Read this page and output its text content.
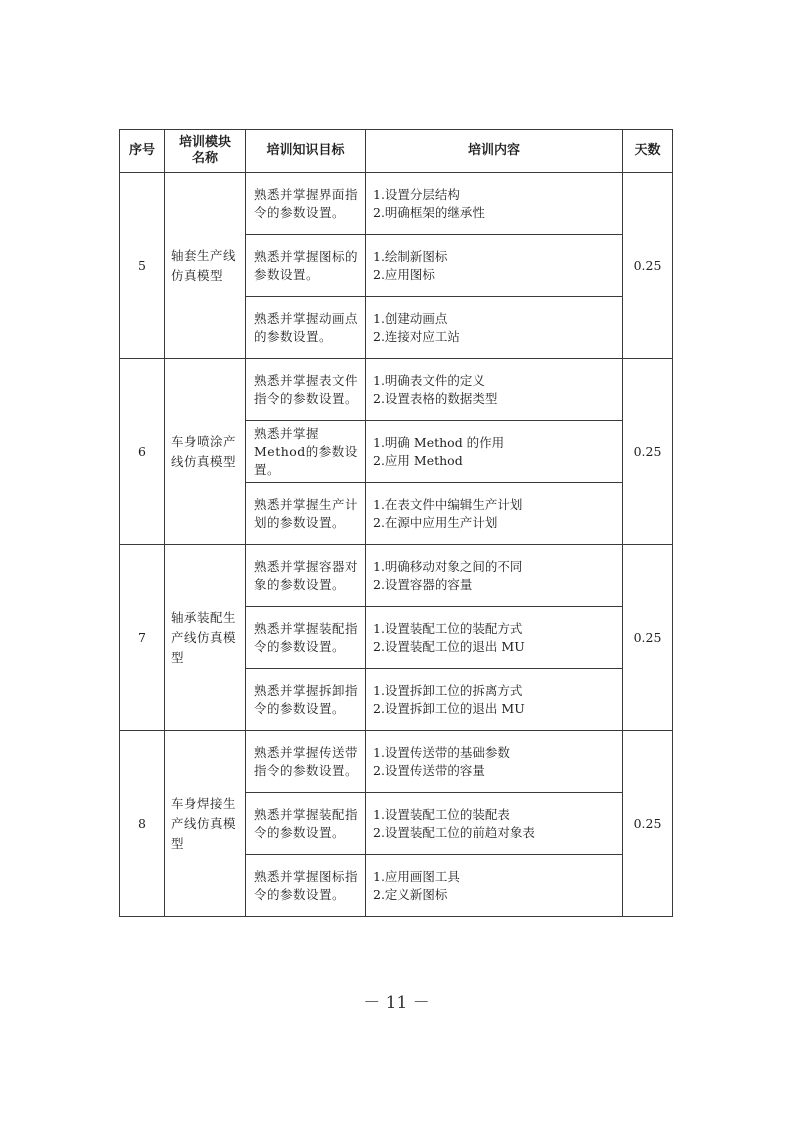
序号	培训模块
名称	培训知识目标	培训内容	天数
5	轴套生产线仿真模型	熟悉并掌握界面指令的参数设置。	1.设置分层结构
2.明确框架的继承性	0.25

		熟悉并掌握图标的参数设置。	1.绘制新图标
2.应用图标	

		熟悉并掌握动画点的参数设置。	1.创建动画点
2.连接对应工站	

6	车身喷涂产线仿真模型	熟悉并掌握表文件指令的参数设置。	1.明确表文件的定义
2.设置表格的数据类型	0.25

		熟悉并掌握Method的参数设置。	1.明确 Method 的作用
2.应用 Method	

		熟悉并掌握生产计划的参数设置。	1.在表文件中编辑生产计划
2.在源中应用生产计划	

7	轴承装配生产线仿真模型	熟悉并掌握容器对象的参数设置。	1.明确移动对象之间的不同
2.设置容器的容量	0.25

		熟悉并掌握装配指令的参数设置。	1.设置装配工位的装配方式
2.设置装配工位的退出 MU	

		熟悉并掌握拆卸指令的参数设置。	1.设置拆卸工位的拆离方式
2.设置拆卸工位的退出 MU	

8	车身焊接生产线仿真模型	熟悉并掌握传送带指令的参数设置。	1.设置传送带的基础参数
2.设置传送带的容量	0.25

		熟悉并掌握装配指令的参数设置。	1.设置装配工位的装配表
2.设置装配工位的前趋对象表	

		熟悉并掌握图标指令的参数设置。	1.应用画图工具
2.定义新图标	
－ 11 －
